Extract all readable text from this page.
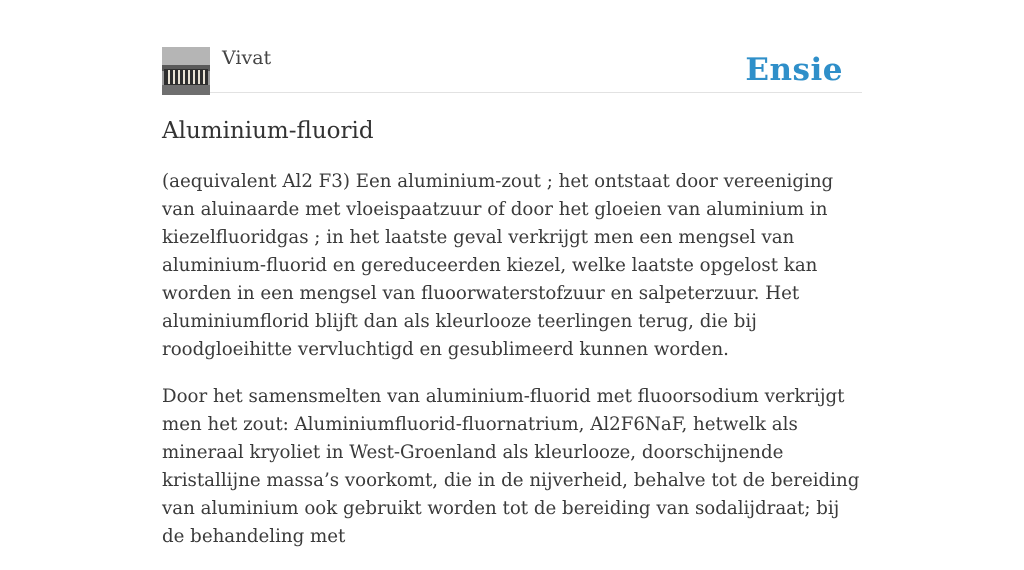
Vivat	Ensie
Aluminium-fluorid

(aequivalent Al2 F3) Een aluminium-zout ; het ontstaat door vereeniging van aluinaarde met vloeispaatzuur of door het gloeien van aluminium in kiezelfluoridgas ; in het laatste geval verkrijgt men een mengsel van aluminium-fluorid en gereduceerden kiezel, welke laatste opgelost kan worden in een mengsel van fluoorwaterstofzuur en salpeterzuur. Het aluminiumflorid blijft dan als kleurlooze teerlingen terug, die bij roodgloeihitte vervluchtigd en gesublimeerd kunnen worden.

Door het samensmelten van aluminium-fluorid met fluoorsodium verkrijgt men het zout: Aluminiumfluorid-fluornatrium, Al2F6NaF, hetwelk als mineraal kryoliet in West-Groenland als kleurlooze, doorschijnende kristallijne massa’s voorkomt, die in de nijverheid, behalve tot de bereiding van aluminium ook gebruikt worden tot de bereiding van sodalijdraat; bij de behandeling met
